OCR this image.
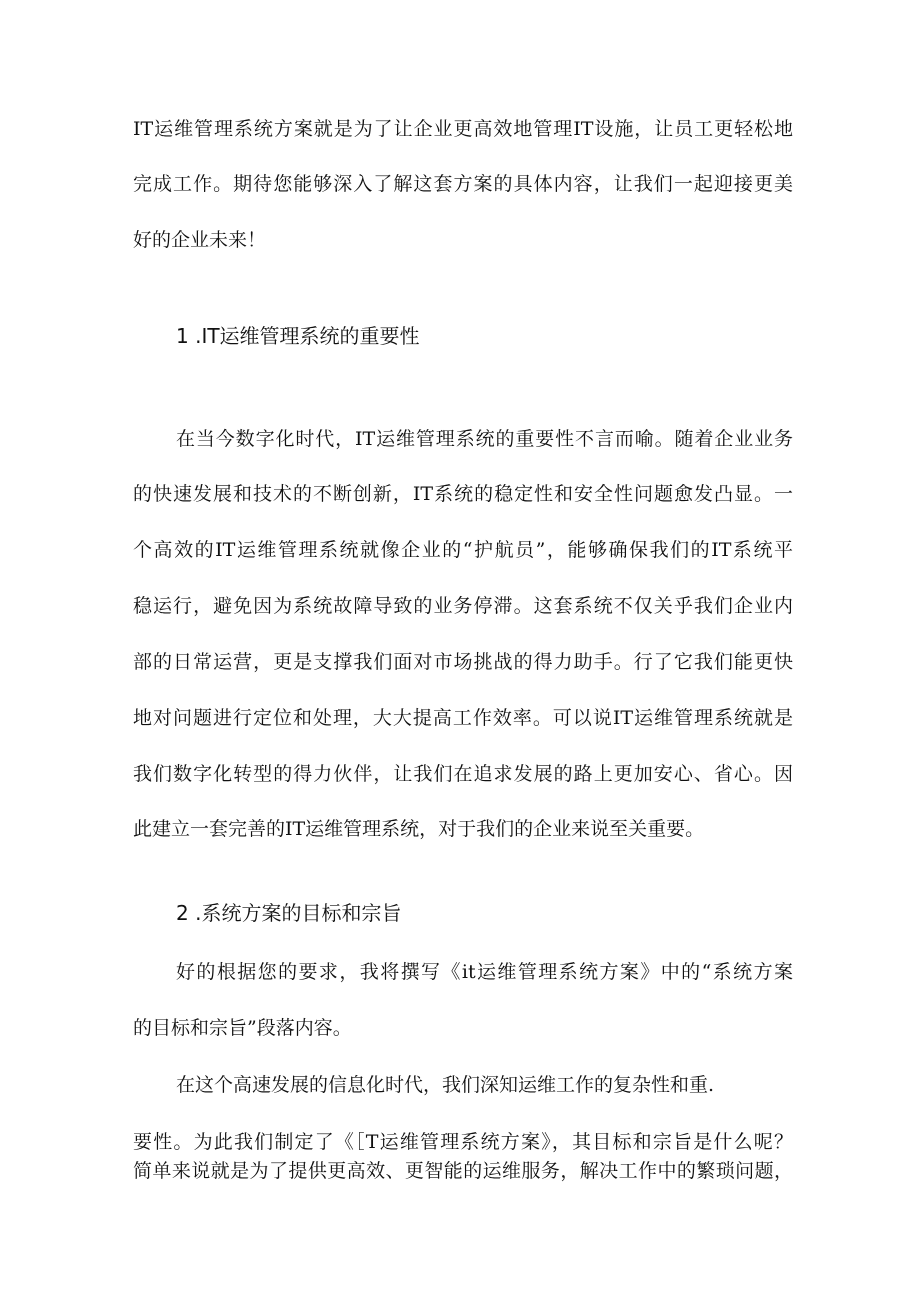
IT运维管理系统方案就是为了让企业更高效地管理IT设施，让员工更轻松地

完成工作。期待您能够深入了解这套方案的具体内容，让我们一起迎接更美

好的企业未来！

1 .IT运维管理系统的重要性

在当今数字化时代，IT运维管理系统的重要性不言而喻。随着企业业务

的快速发展和技术的不断创新，IT系统的稳定性和安全性问题愈发凸显。一

个高效的IT运维管理系统就像企业的“护航员”，能够确保我们的IT系统平

稳运行，避免因为系统故障导致的业务停滞。这套系统不仅关乎我们企业内

部的日常运营，更是支撑我们面对市场挑战的得力助手。行了它我们能更快

地对问题进行定位和处理，大大提高工作效率。可以说IT运维管理系统就是

我们数字化转型的得力伙伴，让我们在追求发展的路上更加安心、省心。因

此建立一套完善的IT运维管理系统，对于我们的企业来说至关重要。

2 .系统方案的目标和宗旨

好的根据您的要求，我将撰写《it运维管理系统方案》中的“系统方案

的目标和宗旨”段落内容。

在这个高速发展的信息化时代，我们深知运维工作的复杂性和重.

要性。为此我们制定了《［T运维管理系统方案》，其目标和宗旨是什么呢？

简单来说就是为了提供更高效、更智能的运维服务，解决工作中的繁琐问题，
